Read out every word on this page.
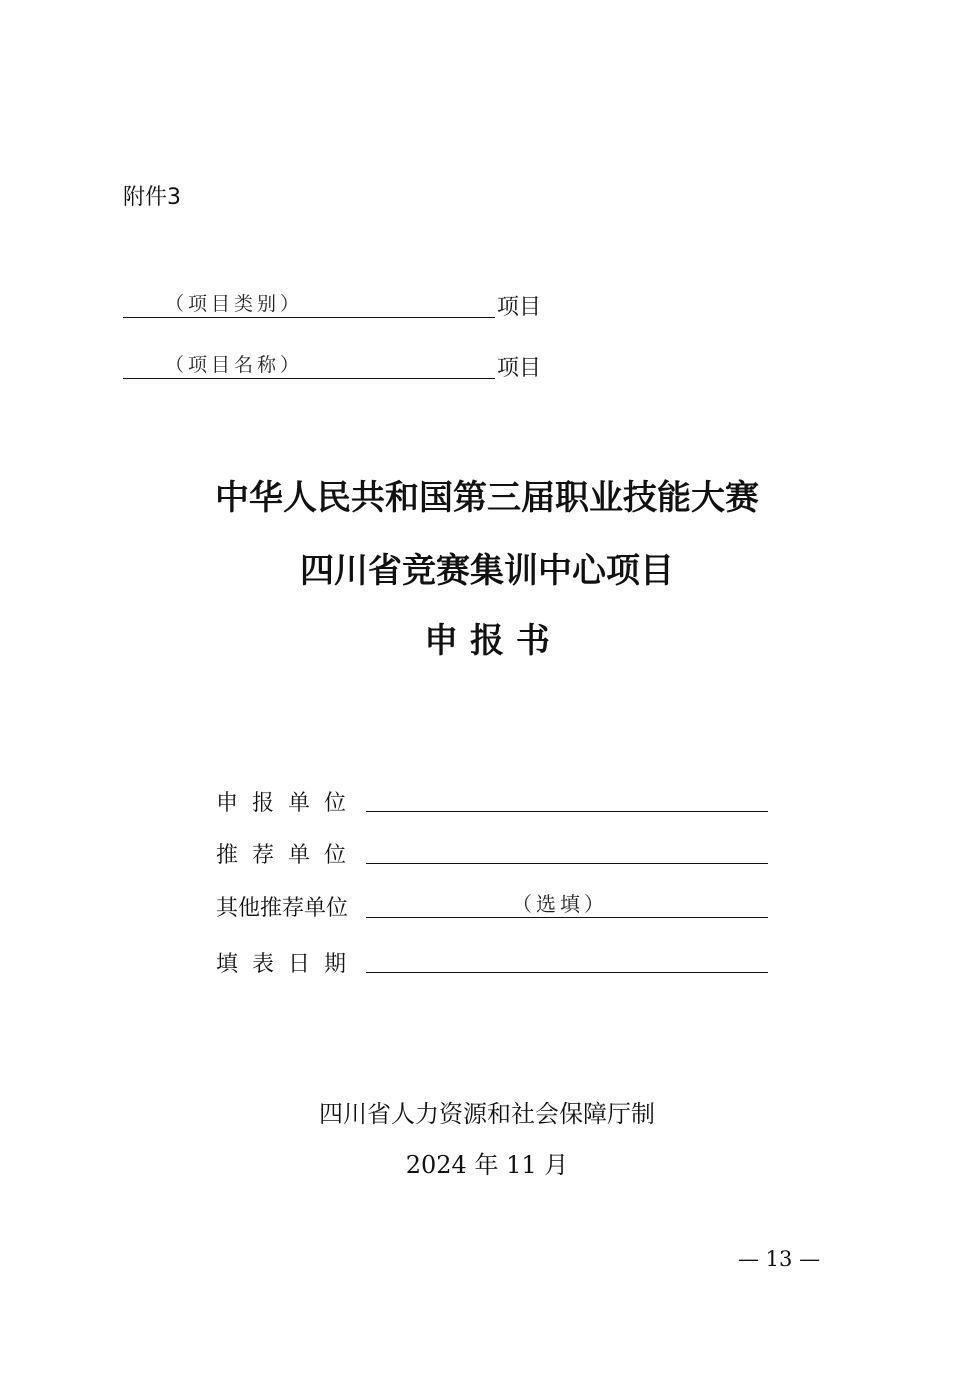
附件3
（项目类别）	项目
（项目名称）	项目
中华人民共和国第三届职业技能大赛
四川省竞赛集训中心项目
申 报 书
申报单位
推荐单位
其他推荐单位	（选填）
填表日期
四川省人力资源和社会保障厅制
2024 年 11 月
— 13 —
